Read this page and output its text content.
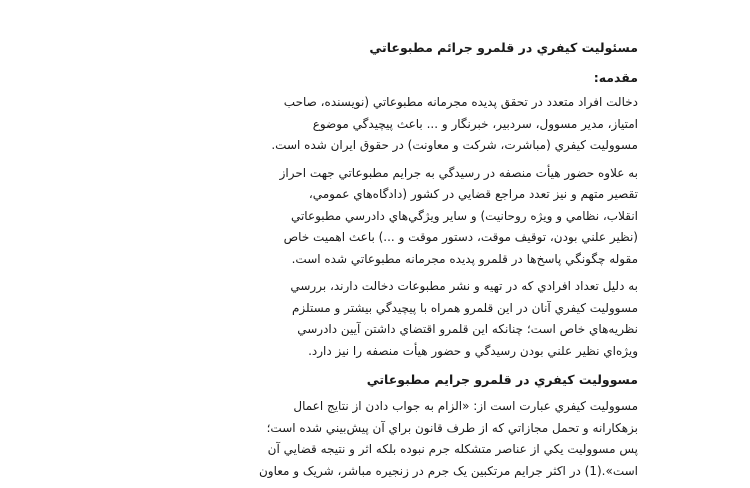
مسئوليت كيفري در قلمرو جرائم مطبوعاتي
مقدمه:

دخالت افراد متعدد در تحقق پديده مجرمانه مطبوعاتي (نويسنده، صاحب
امتياز، مدير مسوول، سردبير، خبرنگار و ... باعث پيچيدگي موضوع
مسووليت كيفري (مباشرت، شركت و معاونت) در حقوق ايران شده است.

به علاوه حضور هيأت منصفه در رسيدگي به جرايم مطبوعاتي جهت احراز
تقصير متهم و نيز تعدد مراجع قضايي در كشور (دادگاه‌هاي عمومي،
انقلاب، نظامي و ويژه روحانيت) و ساير ويژگي‌هاي دادرسي مطبوعاتي
(نظير علني بودن، توقيف موقت، دستور موقت و ...) باعث اهميت خاص
مقوله چگونگي پاسخ‌ها در قلمرو پديده مجرمانه مطبوعاتي شده است.

به دليل تعداد افرادي كه در تهيه و نشر مطبوعات دخالت دارند، بررسي
مسووليت كيفري آنان در اين قلمرو همراه با پيچيدگي بيشتر و مستلزم
نظريه‌هاي خاص است؛ چنانكه اين قلمرو اقتضاي داشتن آيين دادرسي
ويژه‌اي نظير علني بودن رسيدگي و حضور هيأت منصفه را نيز دارد.

مسووليت كيفري در قلمرو جرايم مطبوعاتي

مسووليت كيفري عبارت است از: «الزام به جواب دادن از نتايج اعمال
بزهكارانه و تحمل مجازاتي كه از طرف قانون براي آن پيش‌بيني شده است؛
پس مسووليت يكي از عناصر متشكله جرم نبوده بلكه اثر و نتيجه قضايي آن
است».(1) در اكثر جرايم مرتكبين يک جرم در زنجيره مباشر، شريک و معاون
